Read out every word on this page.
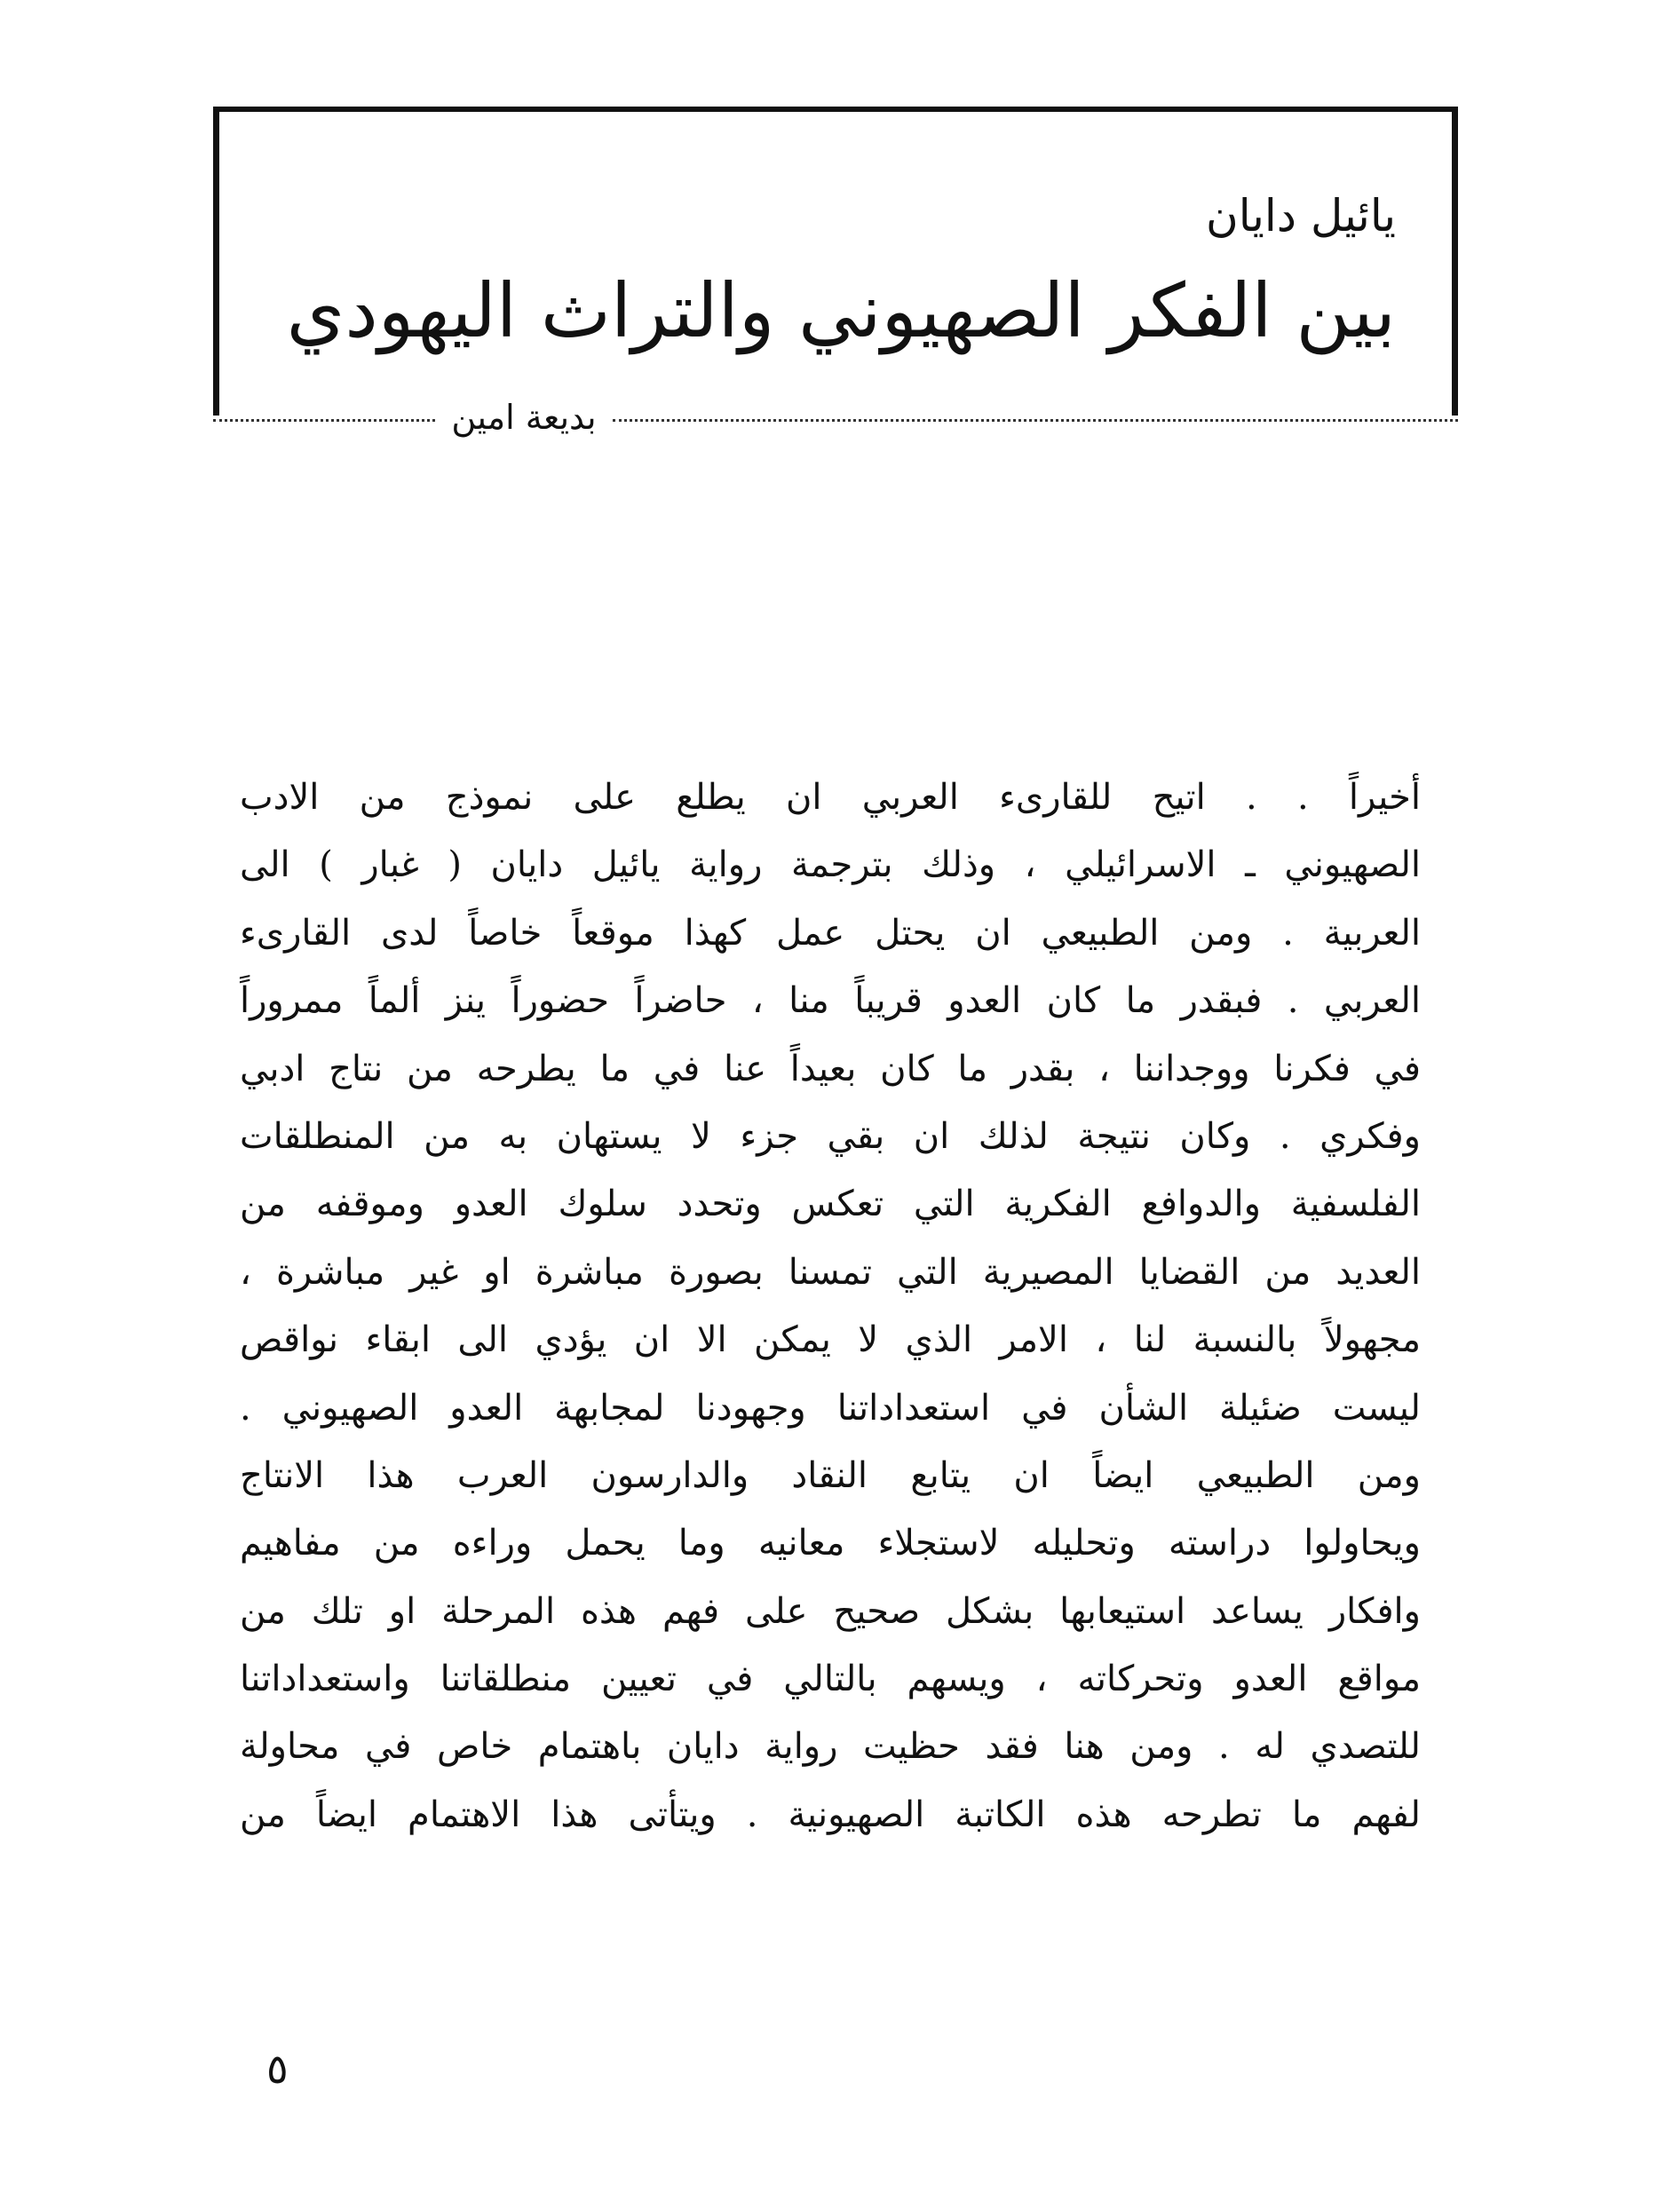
يائيل دايان
بين الفكر الصهيوني والتراث اليهودي
بديعة امين
أخيراً . . اتيح للقارىء العربي ان يطلع على نموذج من الادب
الصهيوني ـ الاسرائيلي ، وذلك بترجمة رواية يائيل دايان ( غبار ) الى
العربية . ومن الطبيعي ان يحتل عمل كهذا موقعاً خاصاً لدى القارىء
العربي . فبقدر ما كان العدو قريباً منا ، حاضراً حضوراً ينز ألماً ممروراً
في فكرنا ووجداننا ، بقدر ما كان بعيداً عنا في ما يطرحه من نتاج ادبي
وفكري . وكان نتيجة لذلك ان بقي جزء لا يستهان به من المنطلقات
الفلسفية والدوافع الفكرية التي تعكس وتحدد سلوك العدو وموقفه من
العديد من القضايا المصيرية التي تمسنا بصورة مباشرة او غير مباشرة ،
مجهولاً بالنسبة لنا ، الامر الذي لا يمكن الا ان يؤدي الى ابقاء نواقص
ليست ضئيلة الشأن في استعداداتنا وجهودنا لمجابهة العدو الصهيوني .
ومن الطبيعي ايضاً ان يتابع النقاد والدارسون العرب هذا الانتاج
ويحاولوا دراسته وتحليله لاستجلاء معانيه وما يحمل وراءه من مفاهيم
وافكار يساعد استيعابها بشكل صحيح على فهم هذه المرحلة او تلك من
مواقع العدو وتحركاته ، ويسهم بالتالي في تعيين منطلقاتنا واستعداداتنا
للتصدي له . ومن هنا فقد حظيت رواية دايان باهتمام خاص في محاولة
لفهم ما تطرحه هذه الكاتبة الصهيونية . ويتأتى هذا الاهتمام ايضاً من
٥
